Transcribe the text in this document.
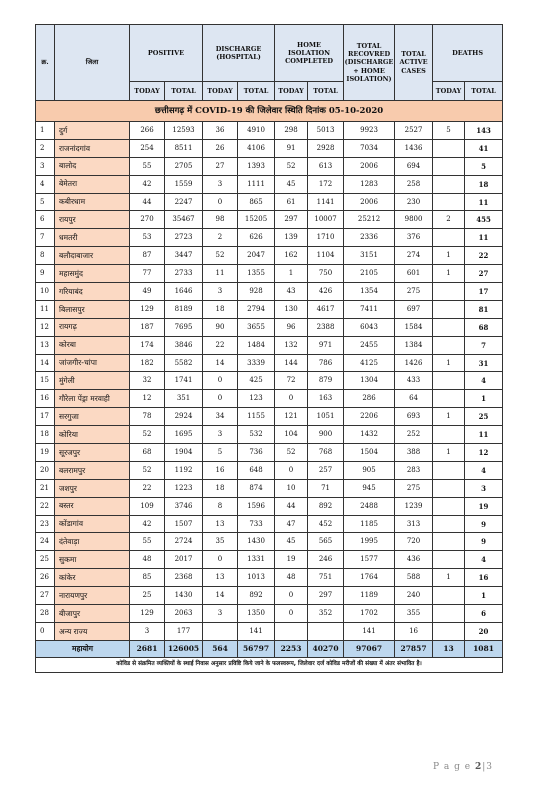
छत्तीसगढ़ में COVID-19 की जिलेवार स्थिति दिनांक 05-10-2020											
क्र.	जिला	POSITIVE		DISCHARGE (HOSPITAL)		HOME ISOLATION COMPLETED		TOTAL RECOVRED (DISCHARGE + HOME ISOLATION)	TOTAL ACTIVE CASES	DEATHS	
		TODAY	TOTAL	TODAY	TOTAL	TODAY	TOTAL			TODAY	TOTAL
1	दुर्ग	266	12593	36	4910	298	5013	9923	2527	5	143
2	राजनांदगांव	254	8511	26	4106	91	2928	7034	1436		41
3	बालोद	55	2705	27	1393	52	613	2006	694		5
4	बेमेतरा	42	1559	3	1111	45	172	1283	258		18
5	कबीरधाम	44	2247	0	865	61	1141	2006	230		11
6	रायपुर	270	35467	98	15205	297	10007	25212	9800	2	455
7	धमतरी	53	2723	2	626	139	1710	2336	376		11
8	बलौदाबाजार	87	3447	52	2047	162	1104	3151	274	1	22
9	महासमुंद	77	2733	11	1355	1	750	2105	601	1	27
10	गरियाबंद	49	1646	3	928	43	426	1354	275		17
11	बिलासपुर	129	8189	18	2794	130	4617	7411	697		81
12	रायगढ़	187	7695	90	3655	96	2388	6043	1584		68
13	कोरबा	174	3846	22	1484	132	971	2455	1384		7
14	जांजगीर-चांपा	182	5582	14	3339	144	786	4125	1426	1	31
15	मुंगेली	32	1741	0	425	72	879	1304	433		4
16	गौरेला पेंड्रा मरवाही	12	351	0	123	0	163	286	64		1
17	सरगुजा	78	2924	34	1155	121	1051	2206	693	1	25
18	कोरिया	52	1695	3	532	104	900	1432	252		11
19	सूरजपुर	68	1904	5	736	52	768	1504	388	1	12
20	बलरामपुर	52	1192	16	648	0	257	905	283		4
21	जशपुर	22	1223	18	874	10	71	945	275		3
22	बस्तर	109	3746	8	1596	44	892	2488	1239		19
23	कोंडागांव	42	1507	13	733	47	452	1185	313		9
24	दंतेवाड़ा	55	2724	35	1430	45	565	1995	720		9
25	सुकमा	48	2017	0	1331	19	246	1577	436		4
26	कांकेर	85	2368	13	1013	48	751	1764	588	1	16
27	नारायणपुर	25	1430	14	892	0	297	1189	240		1
28	बीजापुर	129	2063	3	1350	0	352	1702	355		6
0	अन्य राज्य	3	177		141			141	16		20
महायोग		2681	126005	564	56797	2253	40270	97067	27857	13	1081
कोविड से संक्रमित व्यक्तियों के स्थाई निवास अनुसार प्रविष्टि किये जाने के फलस्वरूप, जिलेवार दर्ज कोविड मरीजों की संख्या में अंतर संभावित है।											
P a g e 2|3
